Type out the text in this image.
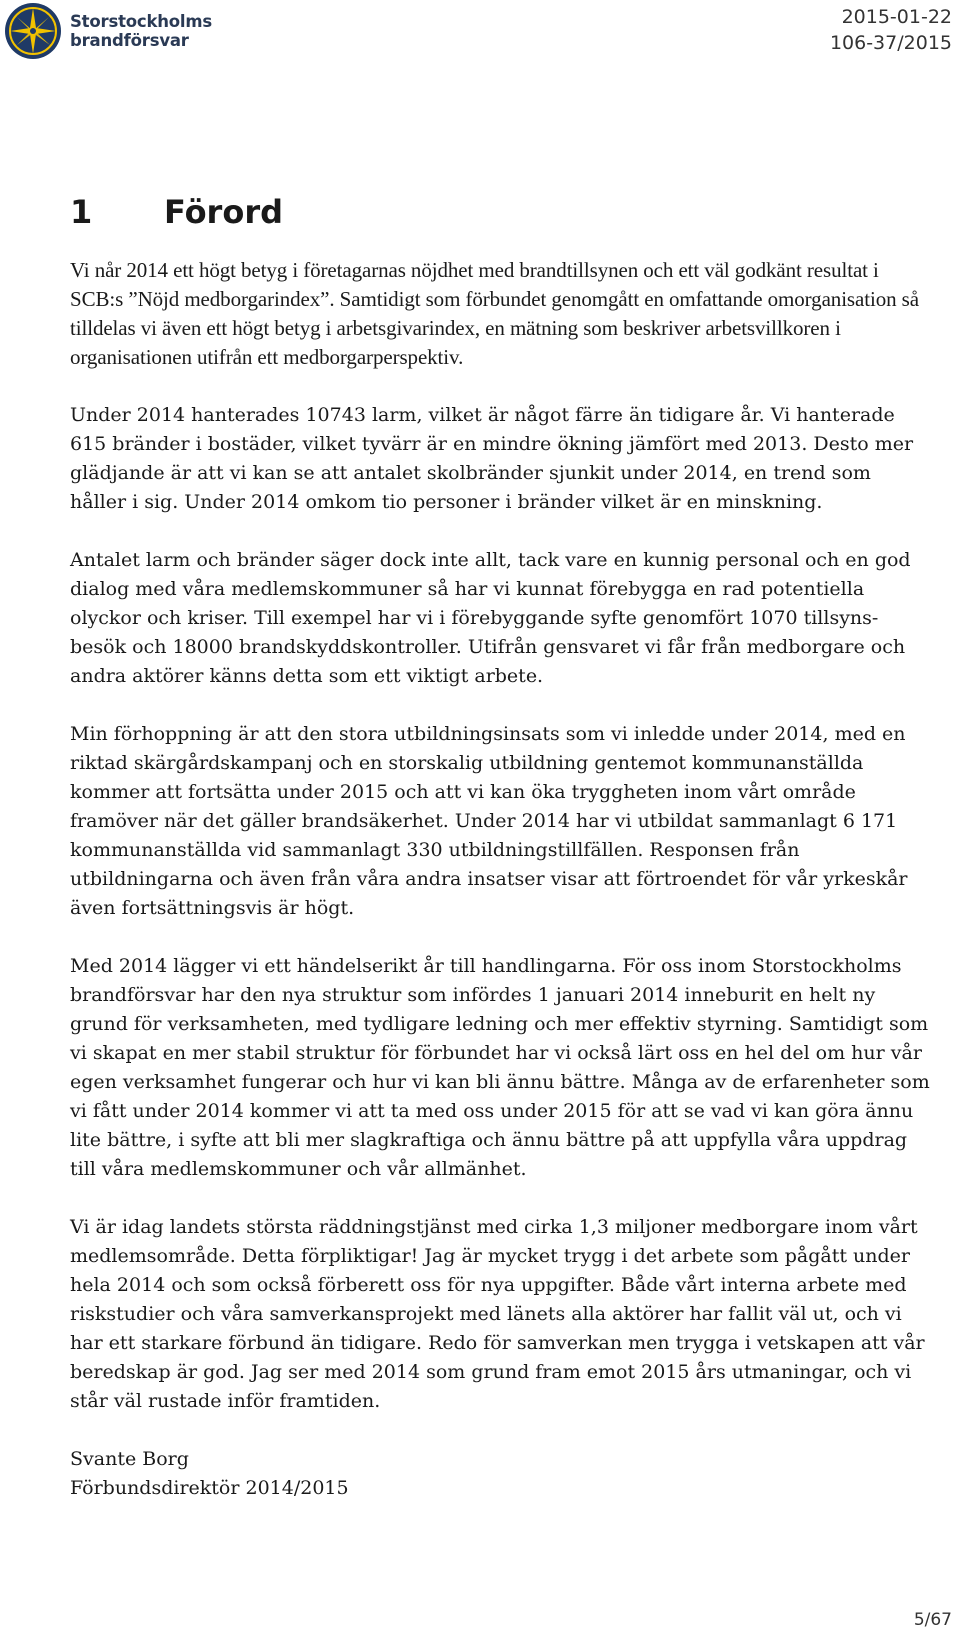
Storstockholms
brandförsvar
2015-01-22
106-37/2015
1	Förord

Vi når 2014 ett högt betyg i företagarnas nöjdhet med brandtillsynen och ett väl godkänt resultat i SCB:s ”Nöjd medborgarindex”. Samtidigt som förbundet genomgått en omfattande omorganisation så tilldelas vi även ett högt betyg i arbetsgivarindex, en mätning som beskriver arbetsvillkoren i organisationen utifrån ett medborgarperspektiv.

Under 2014 hanterades 10743 larm, vilket är något färre än tidigare år. Vi hanterade 615 bränder i bostäder, vilket tyvärr är en mindre ökning jämfört med 2013. Desto mer glädjande är att vi kan se att antalet skolbränder sjunkit under 2014, en trend som håller i sig. Under 2014 omkom tio personer i bränder vilket är en minskning.

Antalet larm och bränder säger dock inte allt, tack vare en kunnig personal och en god dialog med våra medlemskommuner så har vi kunnat förebygga en rad potentiella olyckor och kriser. Till exempel har vi i förebyggande syfte genomfört 1070 tillsyns-besök och 18000 brandskyddskontroller. Utifrån gensvaret vi får från medborgare och andra aktörer känns detta som ett viktigt arbete.

Min förhoppning är att den stora utbildningsinsats som vi inledde under 2014, med en riktad skärgårdskampanj och en storskalig utbildning gentemot kommunanställda kommer att fortsätta under 2015 och att vi kan öka tryggheten inom vårt område framöver när det gäller brandsäkerhet. Under 2014 har vi utbildat sammanlagt 6 171 kommunanställda vid sammanlagt 330 utbildningstillfällen. Responsen från utbildningarna och även från våra andra insatser visar att förtroendet för vår yrkeskår även fortsättningsvis är högt.

Med 2014 lägger vi ett händelserikt år till handlingarna. För oss inom Storstockholms brandförsvar har den nya struktur som infördes 1 januari 2014 inneburit en helt ny grund för verksamheten, med tydligare ledning och mer effektiv styrning. Samtidigt som vi skapat en mer stabil struktur för förbundet har vi också lärt oss en hel del om hur vår egen verksamhet fungerar och hur vi kan bli ännu bättre. Många av de erfarenheter som vi fått under 2014 kommer vi att ta med oss under 2015 för att se vad vi kan göra ännu lite bättre, i syfte att bli mer slagkraftiga och ännu bättre på att uppfylla våra uppdrag till våra medlemskommuner och vår allmänhet.

Vi är idag landets största räddningstjänst med cirka 1,3 miljoner medborgare inom vårt medlemsområde. Detta förpliktigar! Jag är mycket trygg i det arbete som pågått under hela 2014 och som också förberett oss för nya uppgifter. Både vårt interna arbete med riskstudier och våra samverkansprojekt med länets alla aktörer har fallit väl ut, och vi har ett starkare förbund än tidigare. Redo för samverkan men trygga i vetskapen att vår beredskap är god. Jag ser med 2014 som grund fram emot 2015 års utmaningar, och vi står väl rustade inför framtiden.

Svante Borg
Förbundsdirektör 2014/2015
5/67
